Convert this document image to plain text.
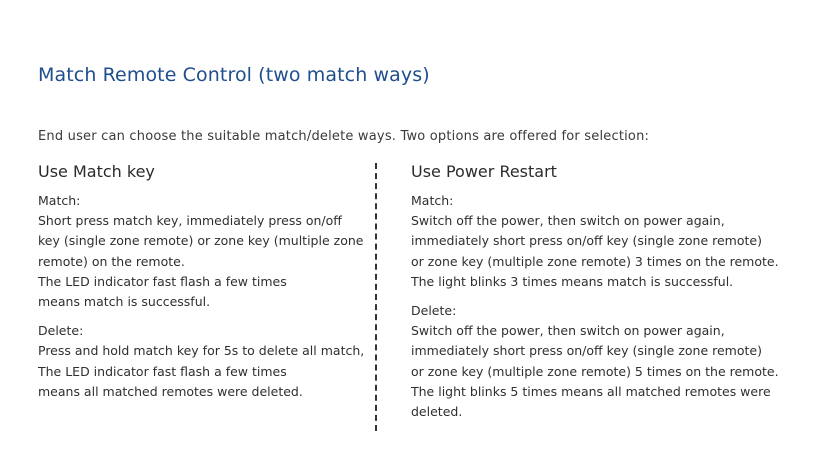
Match Remote Control (two match ways)
End user can choose the suitable match/delete ways. Two options are offered for selection:
Use Match key
Match:
Short press match key, immediately press on/off
key (single zone remote) or zone key (multiple zone
remote) on the remote.
The LED indicator fast flash a few times
means match is successful.
Delete:
Press and hold match key for 5s to delete all match,
The LED indicator fast flash a few times
means all matched remotes were deleted.
Use Power Restart
Match:
Switch off the power, then switch on power again,
immediately short press on/off key (single zone remote)
or zone key (multiple zone remote) 3 times on the remote.
The light blinks 3 times means match is successful.
Delete:
Switch off the power, then switch on power again,
immediately short press on/off key (single zone remote)
or zone key (multiple zone remote) 5 times on the remote.
The light blinks 5 times means all matched remotes were
deleted.
